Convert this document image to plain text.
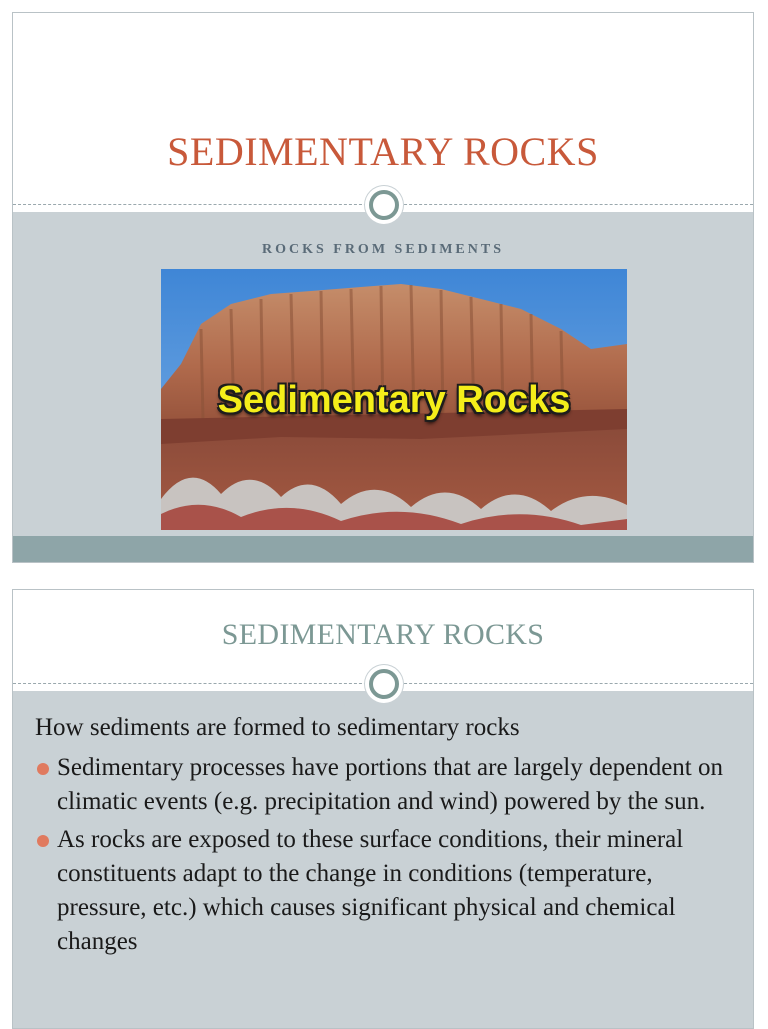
SEDIMENTARY ROCKS
ROCKS FROM SEDIMENTS
Sedimentary Rocks
SEDIMENTARY ROCKS
How sediments are formed to sedimentary rocks
Sedimentary processes have portions that are largely dependent on climatic events (e.g. precipitation and wind) powered by the sun.
As rocks are exposed to these surface conditions, their mineral constituents adapt to the change in conditions (temperature, pressure, etc.) which causes significant physical and chemical changes
